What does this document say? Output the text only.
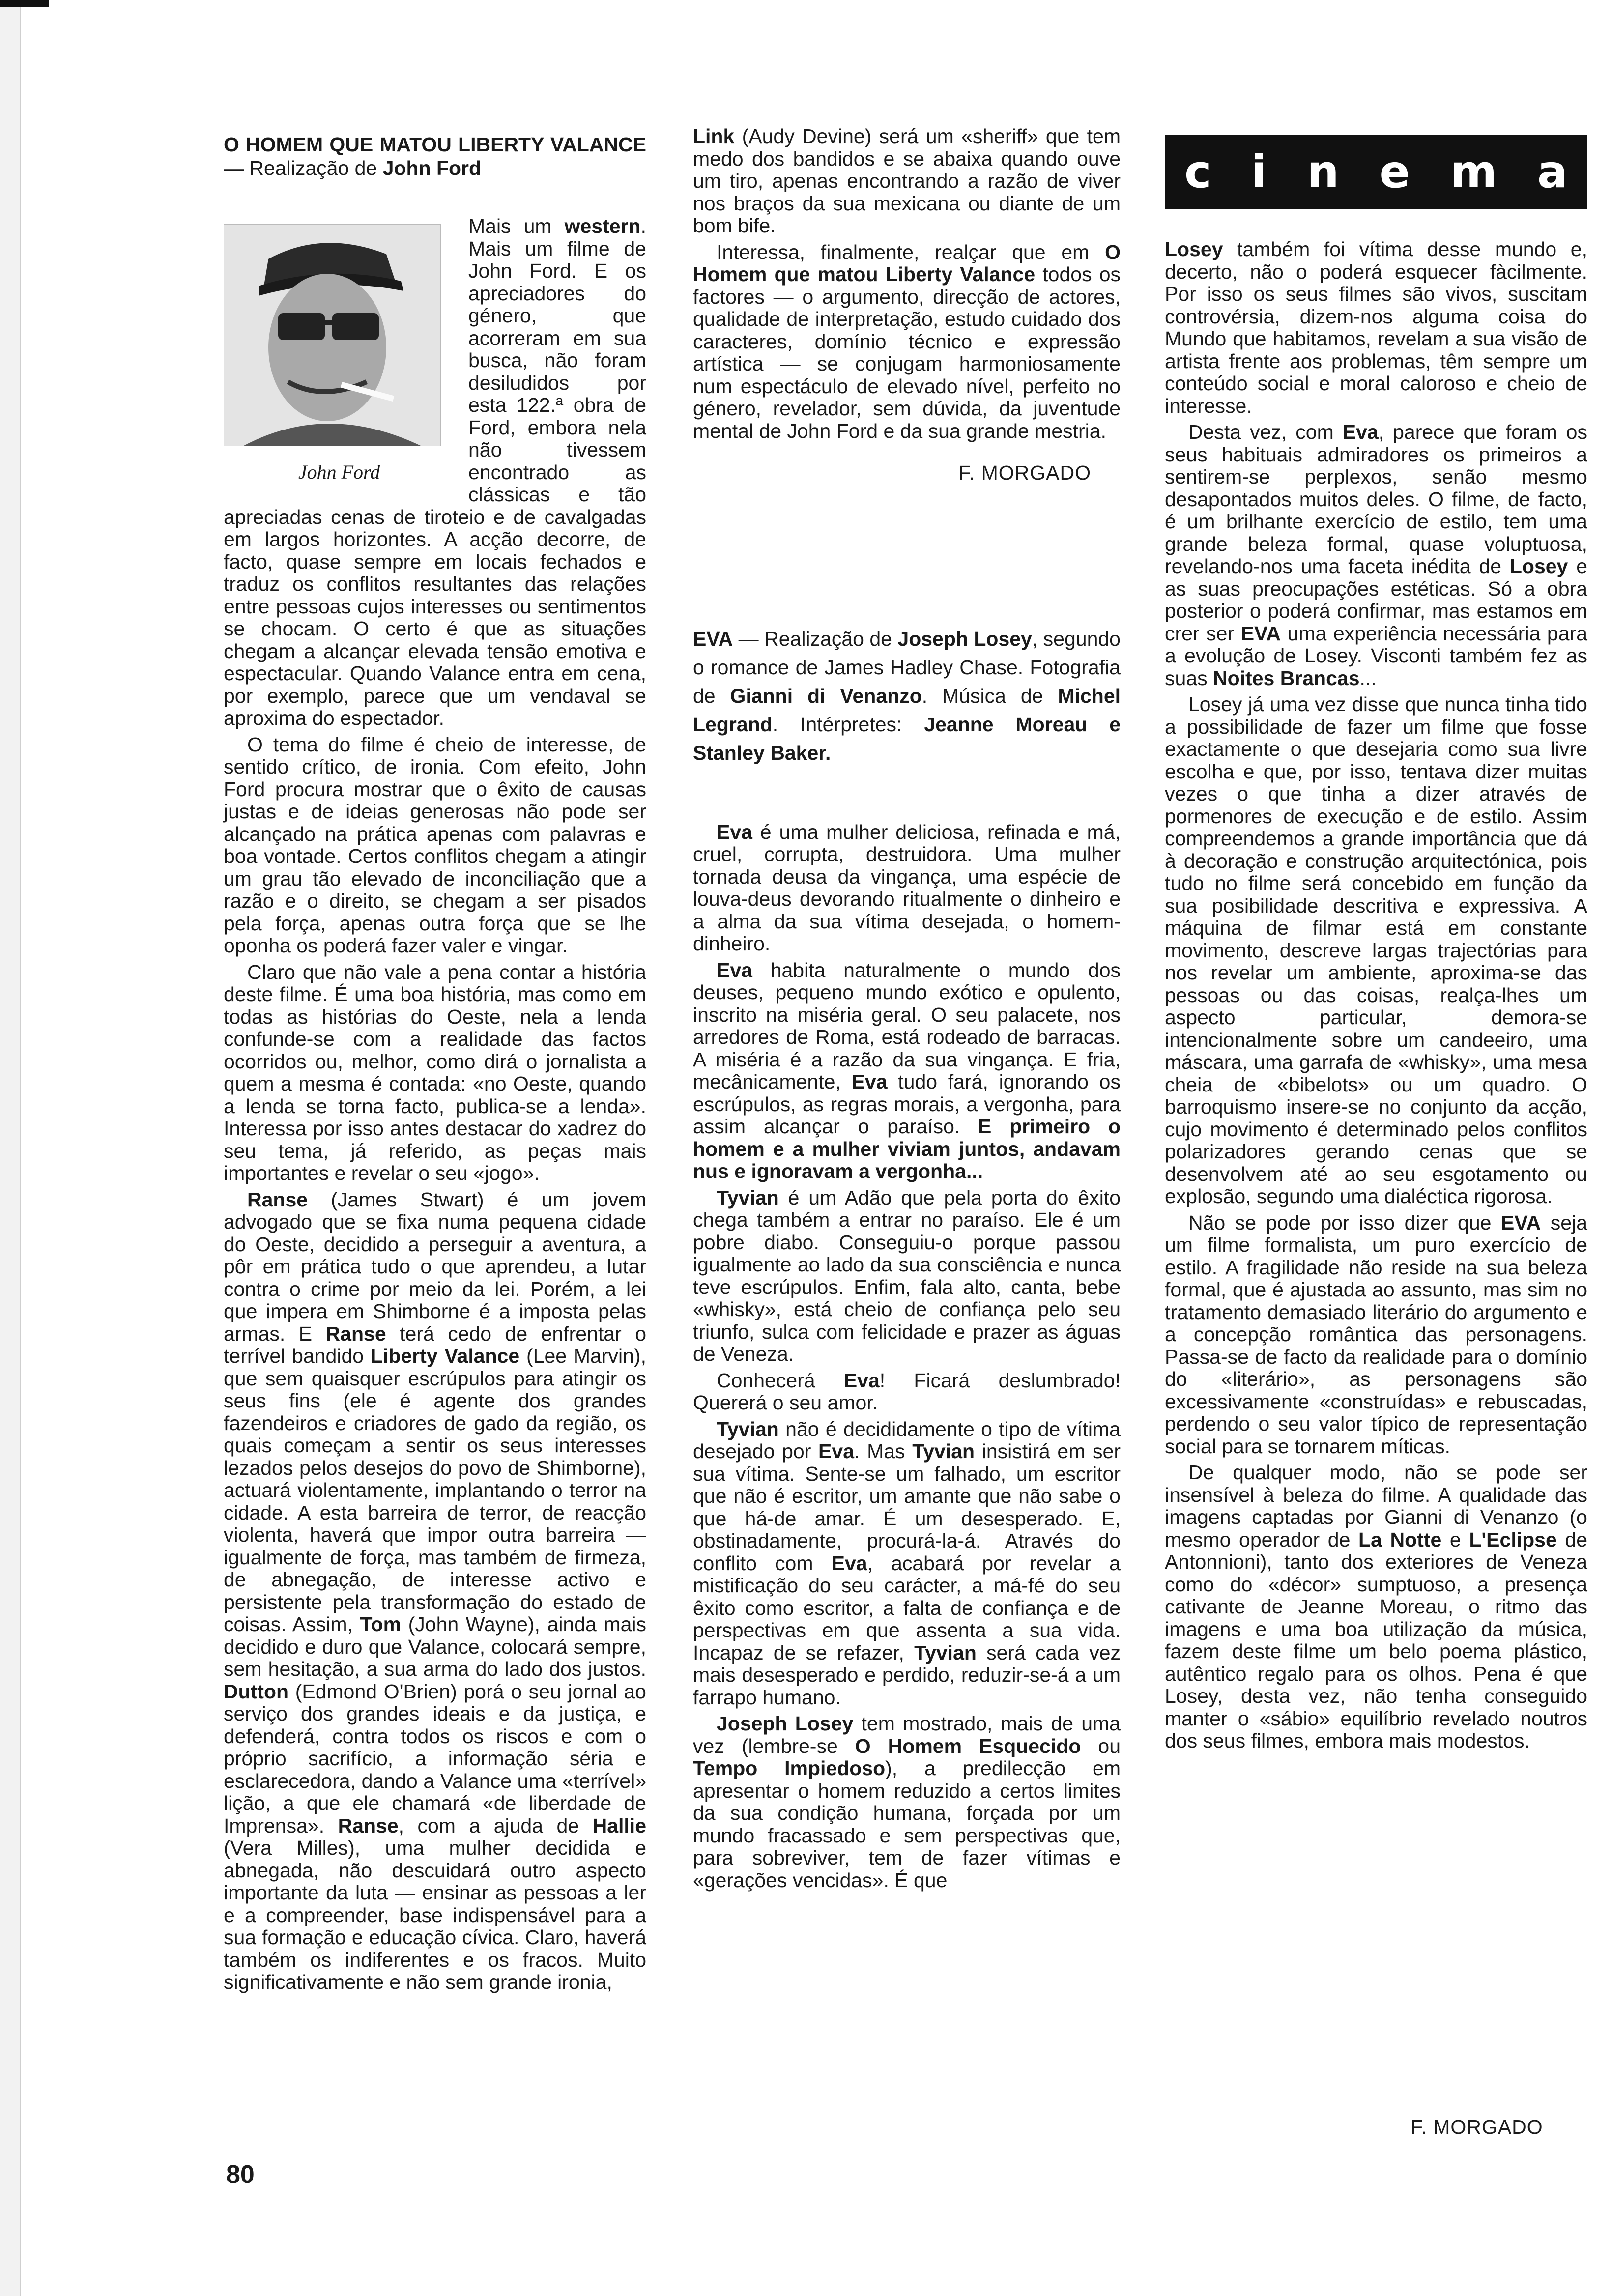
O HOMEM QUE MATOU LIBERTY VALANCE — Realização de John Ford
John Ford

Mais um western. Mais um filme de John Ford. E os apreciadores do género, que acorreram em sua busca, não foram desiludidos por esta 122.ª obra de Ford, embora nela não tivessem encontrado as clássicas e tão apreciadas cenas de tiroteio e de cavalgadas em largos horizontes. A acção decorre, de facto, quase sempre em locais fechados e traduz os conflitos resultantes das relações entre pessoas cujos interesses ou sentimentos se chocam. O certo é que as situações chegam a alcançar elevada tensão emotiva e espectacular. Quando Valance entra em cena, por exemplo, parece que um vendaval se aproxima do espectador.

O tema do filme é cheio de interesse, de sentido crítico, de ironia. Com efeito, John Ford procura mostrar que o êxito de causas justas e de ideias generosas não pode ser alcançado na prática apenas com palavras e boa vontade. Certos conflitos chegam a atingir um grau tão elevado de inconciliação que a razão e o direito, se chegam a ser pisados pela força, apenas outra força que se lhe oponha os poderá fazer valer e vingar.

Claro que não vale a pena contar a história deste filme. É uma boa história, mas como em todas as histórias do Oeste, nela a lenda confunde-se com a realidade das factos ocorridos ou, melhor, como dirá o jornalista a quem a mesma é contada: «no Oeste, quando a lenda se torna facto, publica-se a lenda». Interessa por isso antes destacar do xadrez do seu tema, já referido, as peças mais importantes e revelar o seu «jogo».

Ranse (James Stwart) é um jovem advogado que se fixa numa pequena cidade do Oeste, decidido a perseguir a aventura, a pôr em prática tudo o que aprendeu, a lutar contra o crime por meio da lei. Porém, a lei que impera em Shimborne é a imposta pelas armas. E Ranse terá cedo de enfrentar o terrível bandido Liberty Valance (Lee Marvin), que sem quaisquer escrúpulos para atingir os seus fins (ele é agente dos grandes fazendeiros e criadores de gado da região, os quais começam a sentir os seus interesses lezados pelos desejos do povo de Shimborne), actuará violentamente, implantando o terror na cidade. A esta barreira de terror, de reacção violenta, haverá que impor outra barreira — igualmente de força, mas também de firmeza, de abnegação, de interesse activo e persistente pela transformação do estado de coisas. Assim, Tom (John Wayne), ainda mais decidido e duro que Valance, colocará sempre, sem hesitação, a sua arma do lado dos justos. Dutton (Edmond O'Brien) porá o seu jornal ao serviço dos grandes ideais e da justiça, e defenderá, contra todos os riscos e com o próprio sacrifício, a informação séria e esclarecedora, dando a Valance uma «terrível» lição, a que ele chamará «de liberdade de Imprensa». Ranse, com a ajuda de Hallie (Vera Milles), uma mulher decidida e abnegada, não descuidará outro aspecto importante da luta — ensinar as pessoas a ler e a compreender, base indispensável para a sua formação e educação cívica. Claro, haverá também os indiferentes e os fracos. Muito significativamente e não sem grande ironia,

Link (Audy Devine) será um «sheriff» que tem medo dos bandidos e se abaixa quando ouve um tiro, apenas encontrando a razão de viver nos braços da sua mexicana ou diante de um bom bife.

Interessa, finalmente, realçar que em O Homem que matou Liberty Valance todos os factores — o argumento, direcção de actores, qualidade de interpretação, estudo cuidado dos caracteres, domínio técnico e expressão artística — se conjugam harmoniosamente num espectáculo de elevado nível, perfeito no género, revelador, sem dúvida, da juventude mental de John Ford e da sua grande mestria.

F. MORGADO
EVA — Realização de Joseph Losey, segundo o romance de James Hadley Chase. Fotografia de Gianni di Venanzo. Música de Michel Legrand. Intérpretes: Jeanne Moreau e Stanley Baker.

Eva é uma mulher deliciosa, refinada e má, cruel, corrupta, destruidora. Uma mulher tornada deusa da vingança, uma espécie de louva-deus devorando ritualmente o dinheiro e a alma da sua vítima desejada, o homem-dinheiro.

Eva habita naturalmente o mundo dos deuses, pequeno mundo exótico e opulento, inscrito na miséria geral. O seu palacete, nos arredores de Roma, está rodeado de barracas. A miséria é a razão da sua vingança. E fria, mecânicamente, Eva tudo fará, ignorando os escrúpulos, as regras morais, a vergonha, para assim alcançar o paraíso. E primeiro o homem e a mulher viviam juntos, andavam nus e ignoravam a vergonha...

Tyvian é um Adão que pela porta do êxito chega também a entrar no paraíso. Ele é um pobre diabo. Conseguiu-o porque passou igualmente ao lado da sua consciência e nunca teve escrúpulos. Enfim, fala alto, canta, bebe «whisky», está cheio de confiança pelo seu triunfo, sulca com felicidade e prazer as águas de Veneza.

Conhecerá Eva! Ficará deslumbrado! Quererá o seu amor.

Tyvian não é decididamente o tipo de vítima desejado por Eva. Mas Tyvian insistirá em ser sua vítima. Sente-se um falhado, um escritor que não é escritor, um amante que não sabe o que há-de amar. É um desesperado. E, obstinadamente, procurá-la-á. Através do conflito com Eva, acabará por revelar a mistificação do seu carácter, a má-fé do seu êxito como escritor, a falta de confiança e de perspectivas em que assenta a sua vida. Incapaz de se refazer, Tyvian será cada vez mais desesperado e perdido, reduzir-se-á a um farrapo humano.

Joseph Losey tem mostrado, mais de uma vez (lembre-se O Homem Esquecido ou Tempo Impiedoso), a predilecção em apresentar o homem reduzido a certos limites da sua condição humana, forçada por um mundo fracassado e sem perspectivas que, para sobreviver, tem de fazer vítimas e «gerações vencidas». É que

c i n e m a

Losey também foi vítima desse mundo e, decerto, não o poderá esquecer fàcilmente. Por isso os seus filmes são vivos, suscitam controvérsia, dizem-nos alguma coisa do Mundo que habitamos, revelam a sua visão de artista frente aos problemas, têm sempre um conteúdo social e moral caloroso e cheio de interesse.

Desta vez, com Eva, parece que foram os seus habituais admiradores os primeiros a sentirem-se perplexos, senão mesmo desapontados muitos deles. O filme, de facto, é um brilhante exercício de estilo, tem uma grande beleza formal, quase voluptuosa, revelando-nos uma faceta inédita de Losey e as suas preocupações estéticas. Só a obra posterior o poderá confirmar, mas estamos em crer ser EVA uma experiência necessária para a evolução de Losey. Visconti também fez as suas Noites Brancas...

Losey já uma vez disse que nunca tinha tido a possibilidade de fazer um filme que fosse exactamente o que desejaria como sua livre escolha e que, por isso, tentava dizer muitas vezes o que tinha a dizer através de pormenores de execução e de estilo. Assim compreendemos a grande importância que dá à decoração e construção arquitectónica, pois tudo no filme será concebido em função da sua posibilidade descritiva e expressiva. A máquina de filmar está em constante movimento, descreve largas trajectórias para nos revelar um ambiente, aproxima-se das pessoas ou das coisas, realça-lhes um aspecto particular, demora-se intencionalmente sobre um candeeiro, uma máscara, uma garrafa de «whisky», uma mesa cheia de «bibelots» ou um quadro. O barroquismo insere-se no conjunto da acção, cujo movimento é determinado pelos conflitos polarizadores gerando cenas que se desenvolvem até ao seu esgotamento ou explosão, segundo uma dialéctica rigorosa.

Não se pode por isso dizer que EVA seja um filme formalista, um puro exercício de estilo. A fragilidade não reside na sua beleza formal, que é ajustada ao assunto, mas sim no tratamento demasiado literário do argumento e a concepção romântica das personagens. Passa-se de facto da realidade para o domínio do «literário», as personagens são excessivamente «construídas» e rebuscadas, perdendo o seu valor típico de representação social para se tornarem míticas.

De qualquer modo, não se pode ser insensível à beleza do filme. A qualidade das imagens captadas por Gianni di Venanzo (o mesmo operador de La Notte e L'Eclipse de Antonnioni), tanto dos exteriores de Veneza como do «décor» sumptuoso, a presença cativante de Jeanne Moreau, o ritmo das imagens e uma boa utilização da música, fazem deste filme um belo poema plástico, autêntico regalo para os olhos. Pena é que Losey, desta vez, não tenha conseguido manter o «sábio» equilíbrio revelado noutros dos seus filmes, embora mais modestos.

F. MORGADO
80
